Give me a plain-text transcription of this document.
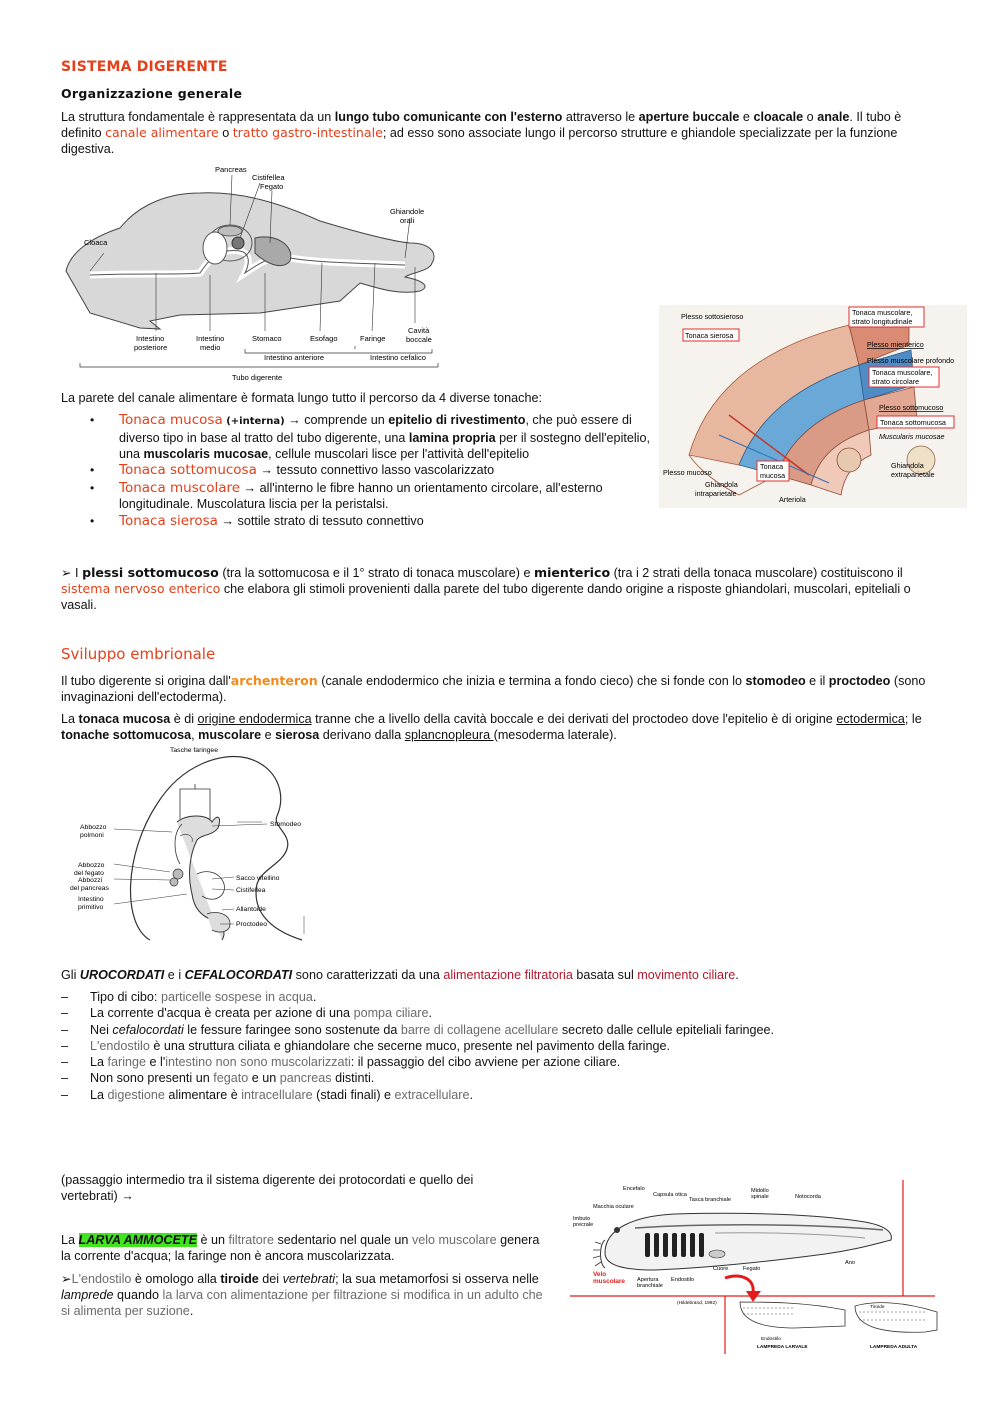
SISTEMA DIGERENTE
Organizzazione generale
La struttura fondamentale è rappresentata da un lungo tubo comunicante con l'esterno attraverso le aperture buccale e cloacale o anale. Il tubo è definito canale alimentare o tratto gastro-intestinale; ad esso sono associate lungo il percorso strutture e ghiandole specializzate per la funzione digestiva.
Pancreas
Cistifellea
Fegato
Ghiandole
orali
Cloaca
Intestino
posteriore
Intestino
medio
Stomaco	Esofago	Faringe
Cavità
boccale
Intestino anteriore	Intestino cefalico
Tubo digerente
Plesso sottosieroso
Tonaca sierosa
Tonaca muscolare,
strato longitudinale
Plesso mienterico
Plesso muscolare profondo
Tonaca muscolare,
strato circolare
Plesso sottomucoso
Tonaca sottomucosa
Muscularis mucosae
Plesso mucoso
Tonaca
mucosa
Ghiandola
intraparietale
Arteriola
Ghiandola
extraparietale
La parete del canale alimentare è formata lungo tutto il percorso da 4 diverse tonache:
• Tonaca mucosa (+interna) → comprende un epitelio di rivestimento, che può essere di diverso tipo in base al tratto del tubo digerente, una lamina propria per il sostegno dell'epitelio, una muscolaris mucosae, cellule muscolari lisce per l'attività dell'epitelio
• Tonaca sottomucosa → tessuto connettivo lasso vascolarizzato
• Tonaca muscolare → all'interno le fibre hanno un orientamento circolare, all'esterno longitudinale. Muscolatura liscia per la peristalsi.
• Tonaca sierosa → sottile strato di tessuto connettivo
➢ I plessi sottomucoso (tra la sottomucosa e il 1° strato di tonaca muscolare) e mienterico (tra i 2 strati della tonaca muscolare) costituiscono il sistema nervoso enterico che elabora gli stimoli provenienti dalla parete del tubo digerente dando origine a risposte ghiandolari, muscolari, epiteliali o vasali.
Sviluppo embrionale
Il tubo digerente si origina dall'archenteron (canale endodermico che inizia e termina a fondo cieco) che si fonde con lo stomodeo e il proctodeo (sono invaginazioni dell'ectoderma).
La tonaca mucosa è di origine endodermica tranne che a livello della cavità boccale e dei derivati del proctodeo dove l'epitelio è di origine ectodermica; le tonache sottomucosa, muscolare e sierosa derivano dalla splancnopleura (mesoderma laterale).
Tasche faringee
Stomodeo
Abbozzo
polmoni
Abbozzo
del fegato
Abbozzi
del pancreas
Intestino
primitivo
Sacco vitellino
Cistifellea
Allantoide
Proctodeo
Gli UROCORDATI e i CEFALOCORDATI sono caratterizzati da una alimentazione filtratoria basata sul movimento ciliare.
– Tipo di cibo: particelle sospese in acqua.
– La corrente d'acqua è creata per azione di una pompa ciliare.
– Nei cefalocordati le fessure faringee sono sostenute da barre di collagene acellulare secreto dalle cellule epiteliali faringee.
– L'endostilo è una struttura ciliata e ghiandolare che secerne muco, presente nel pavimento della faringe.
– La faringe e l'intestino non sono muscolarizzati: il passaggio del cibo avviene per azione ciliare.
– Non sono presenti un fegato e un pancreas distinti.
– La digestione alimentare è intracellulare (stadi finali) e extracellulare.
(passaggio intermedio tra il sistema digerente dei protocordati e quello dei vertebrati) →
La LARVA AMMOCETE è un filtratore sedentario nel quale un velo muscolare genera la corrente d'acqua; la faringe non è ancora muscolarizzata.
➢L'endostilo è omologo alla tiroide dei vertebrati; la sua metamorfosi si osserva nelle lamprede quando la larva con alimentazione per filtrazione si modifica in un adulto che si alimenta per suzione.
Encefalo
Capsula otica
Macchia oculare
Tasca branchiale
Midollo
spinale	Notocorda
Imbuto
precrale
Velo
muscolare Apertura
branchiale
Endostilo
Cuore	Fegato
Ano
(Hildebrand, 1992)
Tiroide
Endostilo
LAMPREDA LARVALE	LAMPREDA ADULTA
